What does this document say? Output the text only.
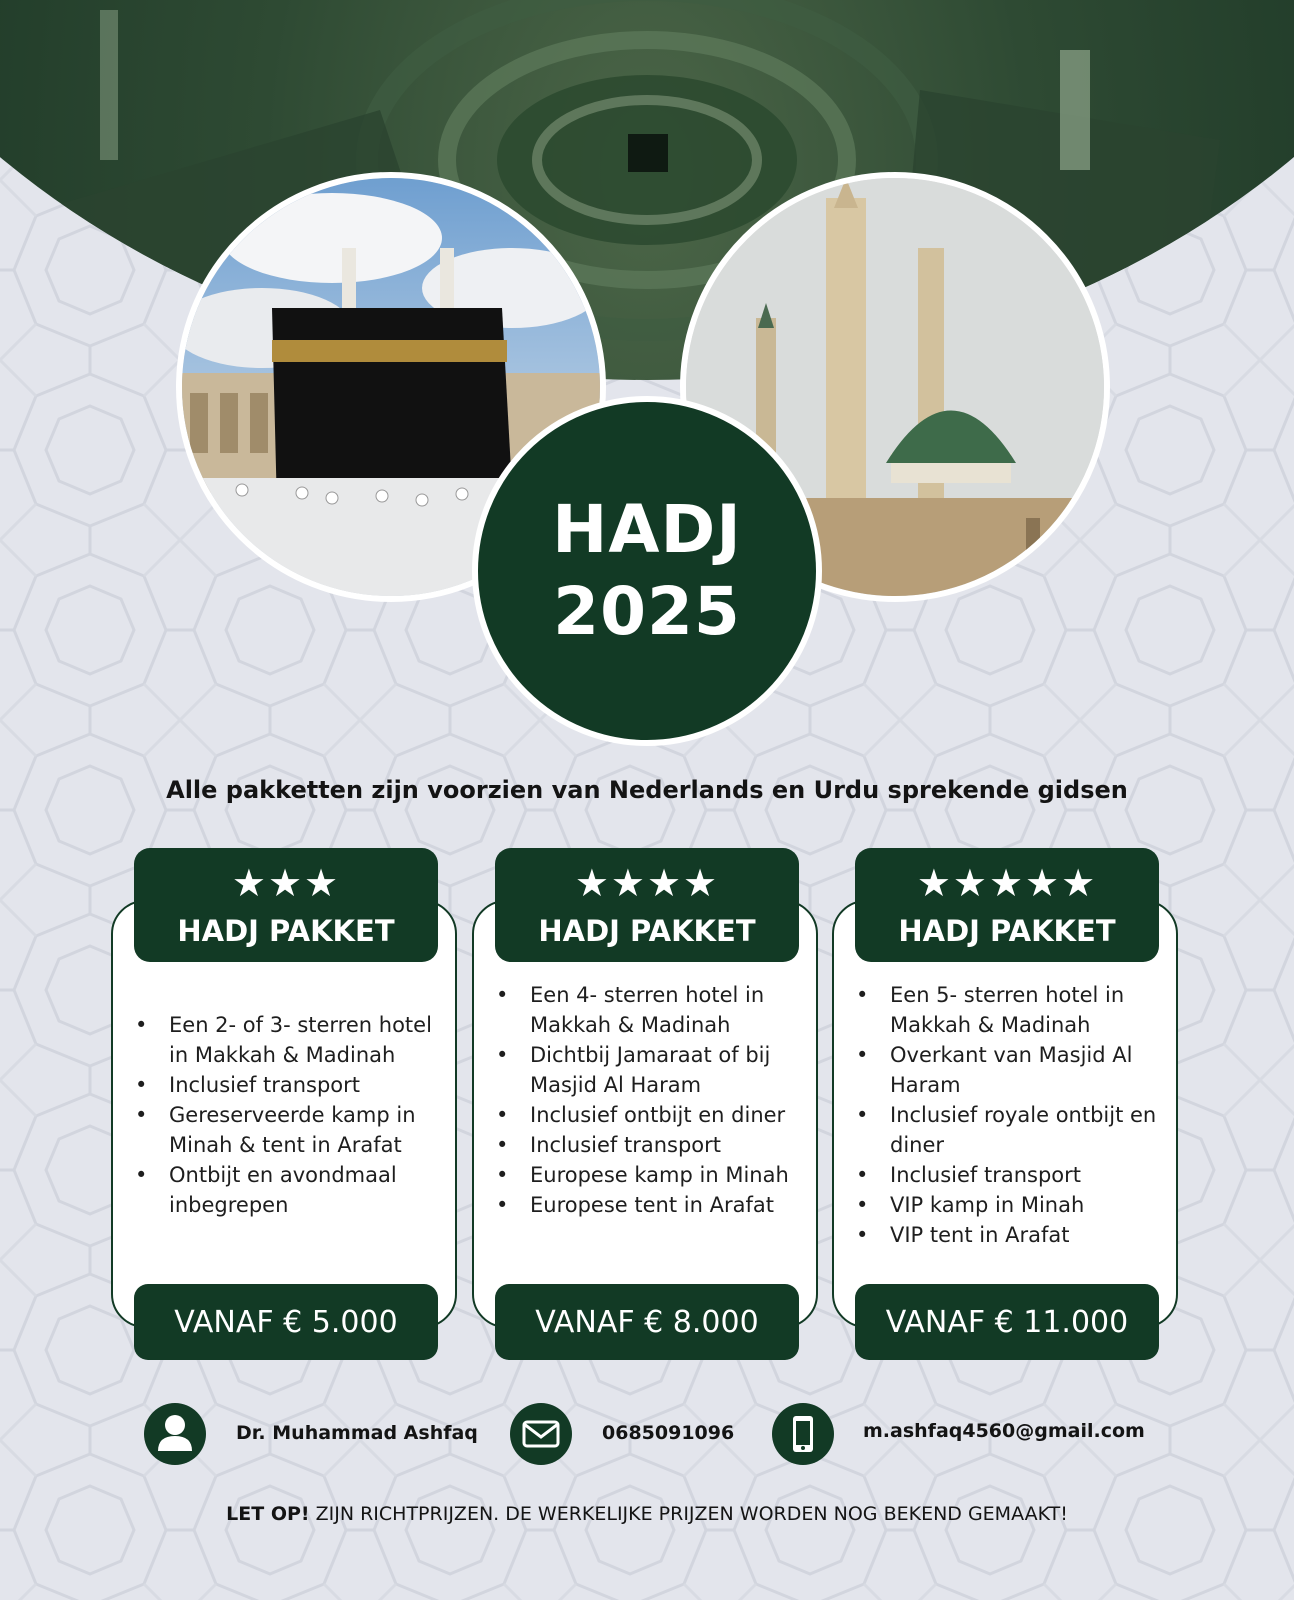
HADJ
2025
Alle pakketten zijn voorzien van Nederlands en Urdu sprekende gidsen
★★★
HADJ PAKKET
• Een 2- of 3- sterren hotel in Makkah & Madinah
• Inclusief transport
• Gereserveerde kamp in Minah & tent in Arafat
• Ontbijt en avondmaal inbegrepen
VANAF € 5.000
★★★★
HADJ PAKKET
• Een 4- sterren hotel in Makkah & Madinah
• Dichtbij Jamaraat of bij Masjid Al Haram
• Inclusief ontbijt en diner
• Inclusief transport
• Europese kamp in Minah
• Europese tent in Arafat
VANAF € 8.000
★★★★★
HADJ PAKKET
• Een 5- sterren hotel in Makkah & Madinah
• Overkant van Masjid Al Haram
• Inclusief royale ontbijt en diner
• Inclusief transport
• VIP kamp in Minah
• VIP tent in Arafat
VANAF € 11.000
Dr. Muhammad Ashfaq	0685091096	m.ashfaq4560@gmail.com
LET OP! ZIJN RICHTPRIJZEN. DE WERKELIJKE PRIJZEN WORDEN NOG BEKEND GEMAAKT!
